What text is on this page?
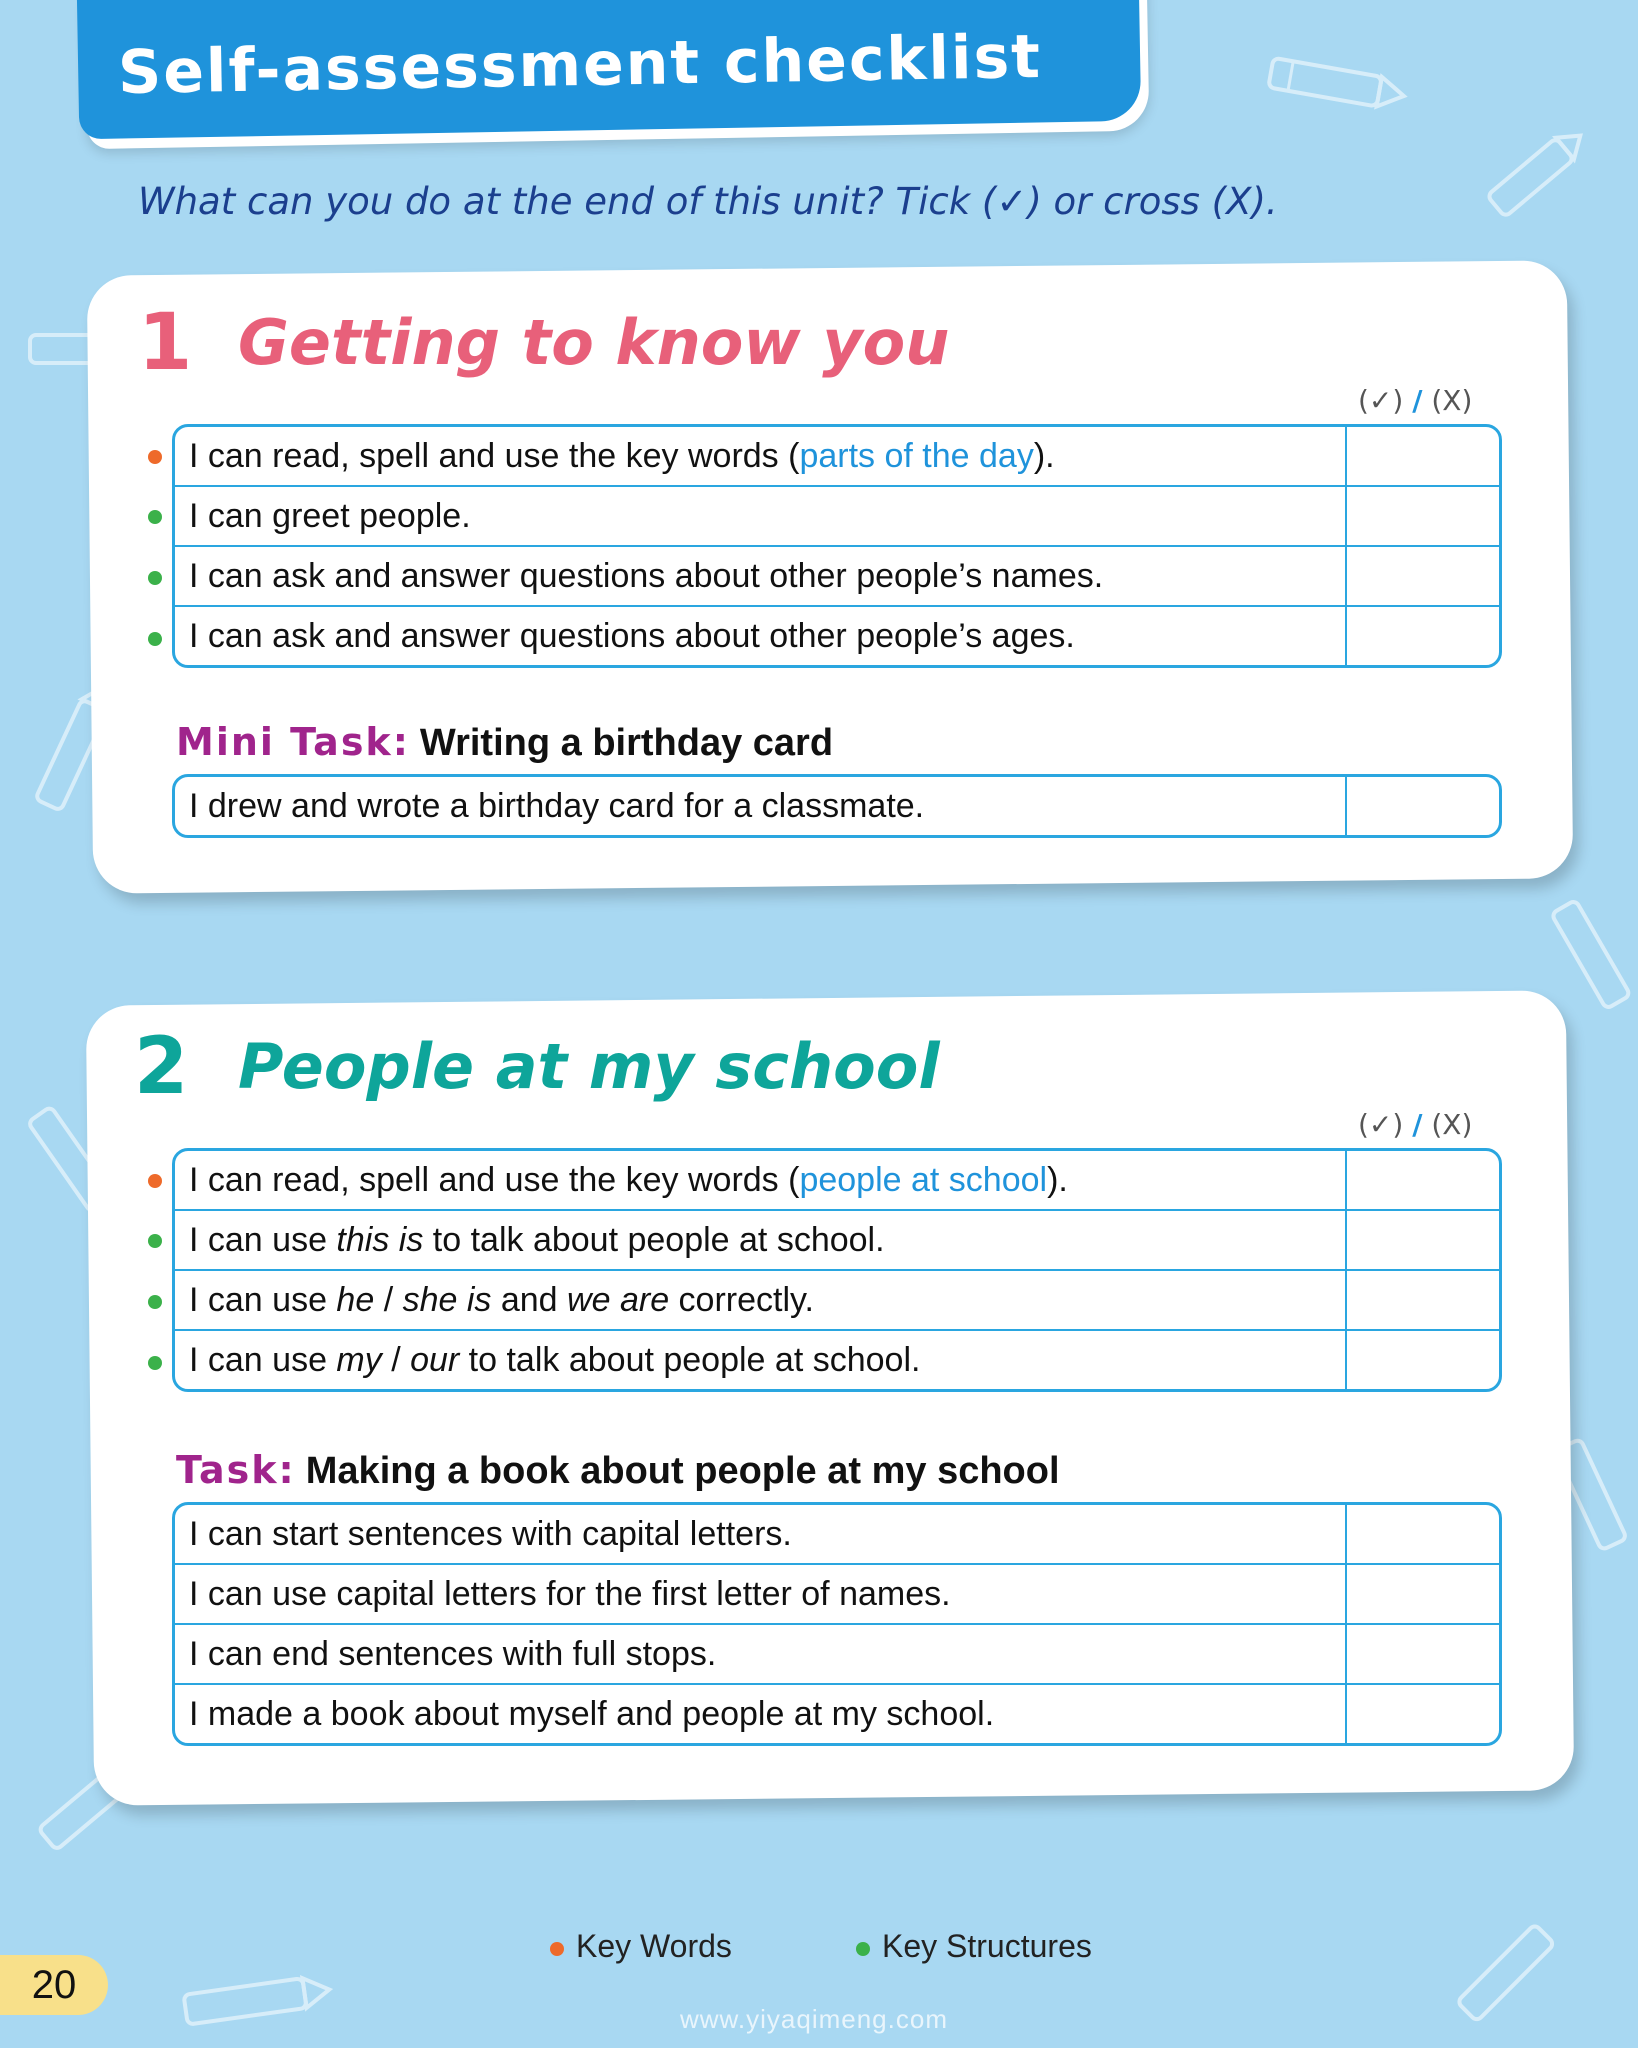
Self-assessment checklist

What can you do at the end of this unit? Tick (✓) or cross (X).

1 Getting to know you
(✓) / (X)
I can read, spell and use the key words (parts of the day).	
I can greet people.	
I can ask and answer questions about other people’s names.	
I can ask and answer questions about other people’s ages.	
Mini Task: Writing a birthday card
I drew and wrote a birthday card for a classmate.	
2 People at my school
(✓) / (X)
I can read, spell and use the key words (people at school).	
I can use this is to talk about people at school.	
I can use he / she is and we are correctly.	
I can use my / our to talk about people at school.	
Task: Making a book about people at my school
I can start sentences with capital letters.	
I can use capital letters for the first letter of names.	
I can end sentences with full stops.	
I made a book about myself and people at my school.	
Key Words	Key Structures
20
www.yiyaqimeng.com
